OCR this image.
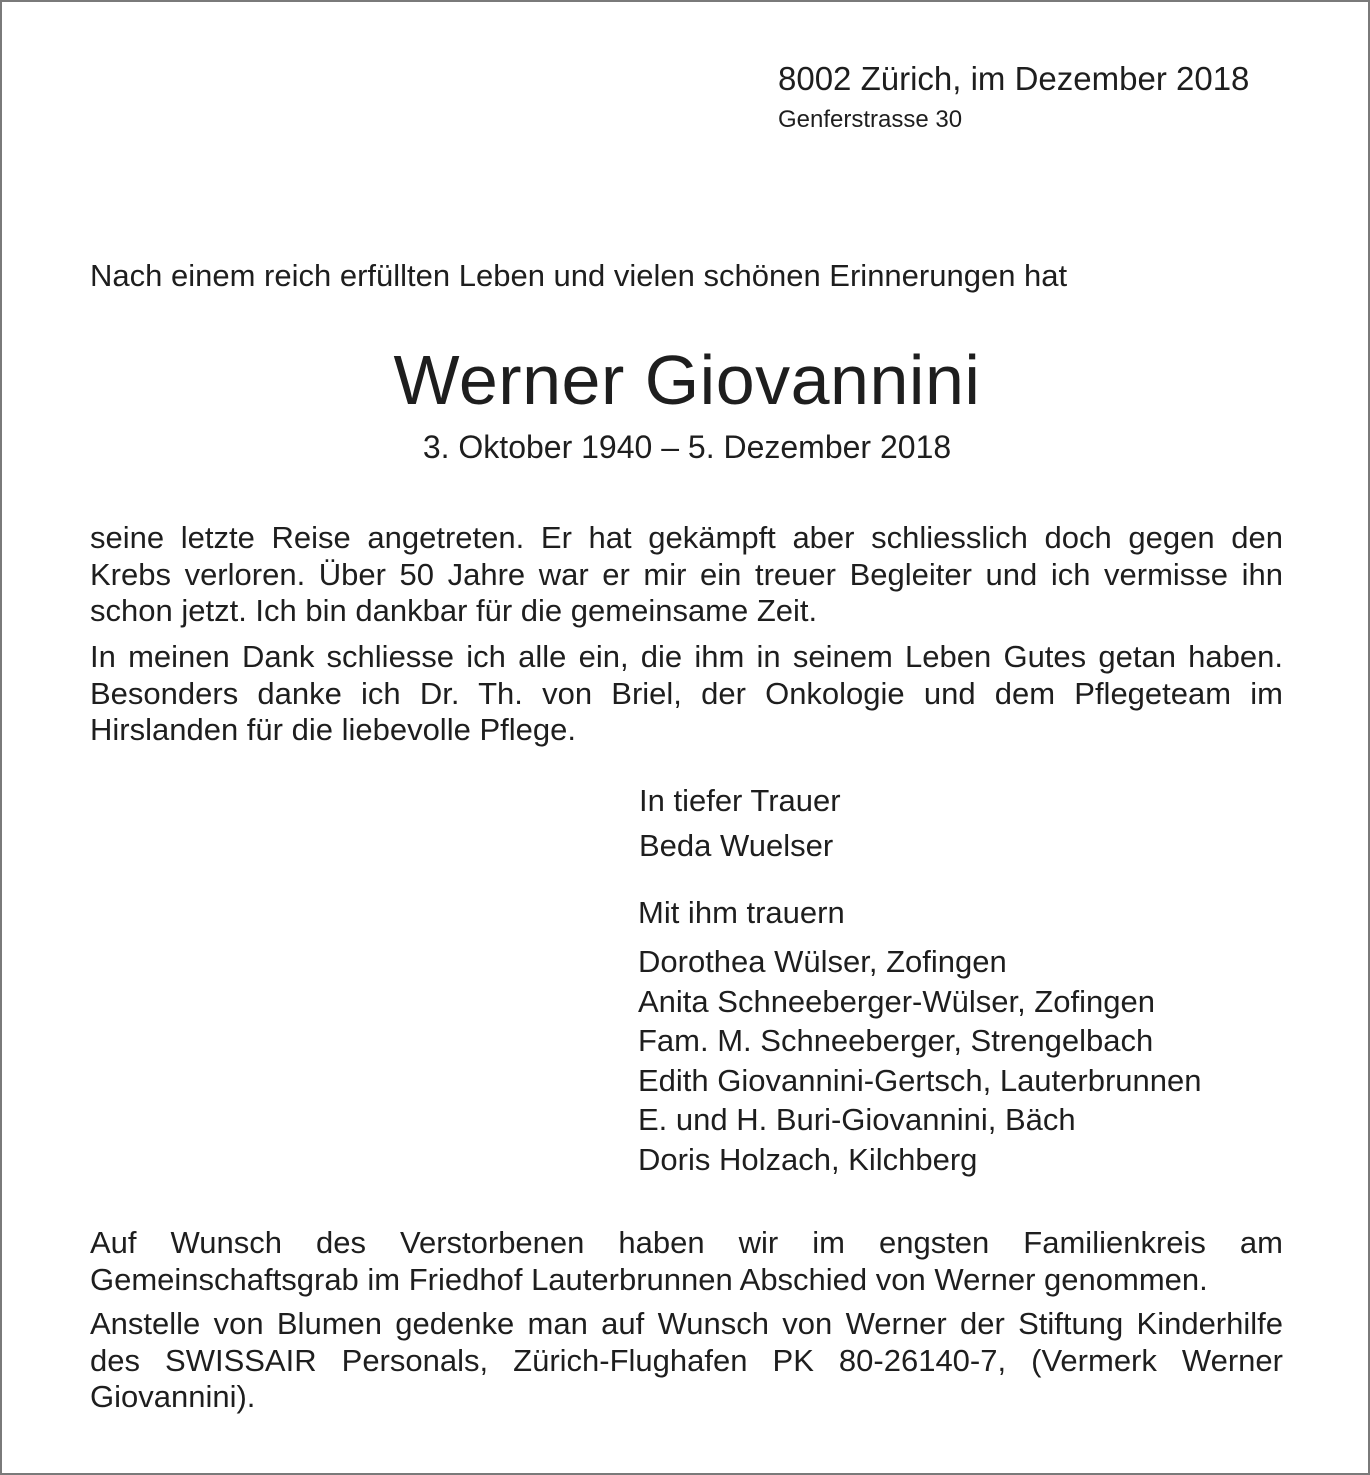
8002 Zürich, im Dezember 2018
Genferstrasse 30
Nach einem reich erfüllten Leben und vielen schönen Erinnerungen hat
Werner Giovannini
3. Oktober 1940 – 5. Dezember 2018
seine letzte Reise angetreten. Er hat gekämpft aber schliesslich doch gegen den Krebs verloren. Über 50 Jahre war er mir ein treuer Begleiter und ich vermisse ihn schon jetzt. Ich bin dankbar für die gemeinsame Zeit.
In meinen Dank schliesse ich alle ein, die ihm in seinem Leben Gutes getan haben. Besonders danke ich Dr. Th. von Briel, der Onkologie und dem Pflegeteam im Hirslanden für die liebevolle Pflege.
In tiefer Trauer
Beda Wuelser
Mit ihm trauern
Dorothea Wülser, Zofingen
Anita Schneeberger-Wülser, Zofingen
Fam. M. Schneeberger, Strengelbach
Edith Giovannini-Gertsch, Lauterbrunnen
E. und H. Buri-Giovannini, Bäch
Doris Holzach, Kilchberg
Auf Wunsch des Verstorbenen haben wir im engsten Familienkreis am Gemeinschaftsgrab im Friedhof Lauterbrunnen Abschied von Werner genommen.
Anstelle von Blumen gedenke man auf Wunsch von Werner der Stiftung Kinderhilfe des SWISSAIR Personals, Zürich-Flughafen PK 80-26140-7, (Vermerk Werner Giovannini).
